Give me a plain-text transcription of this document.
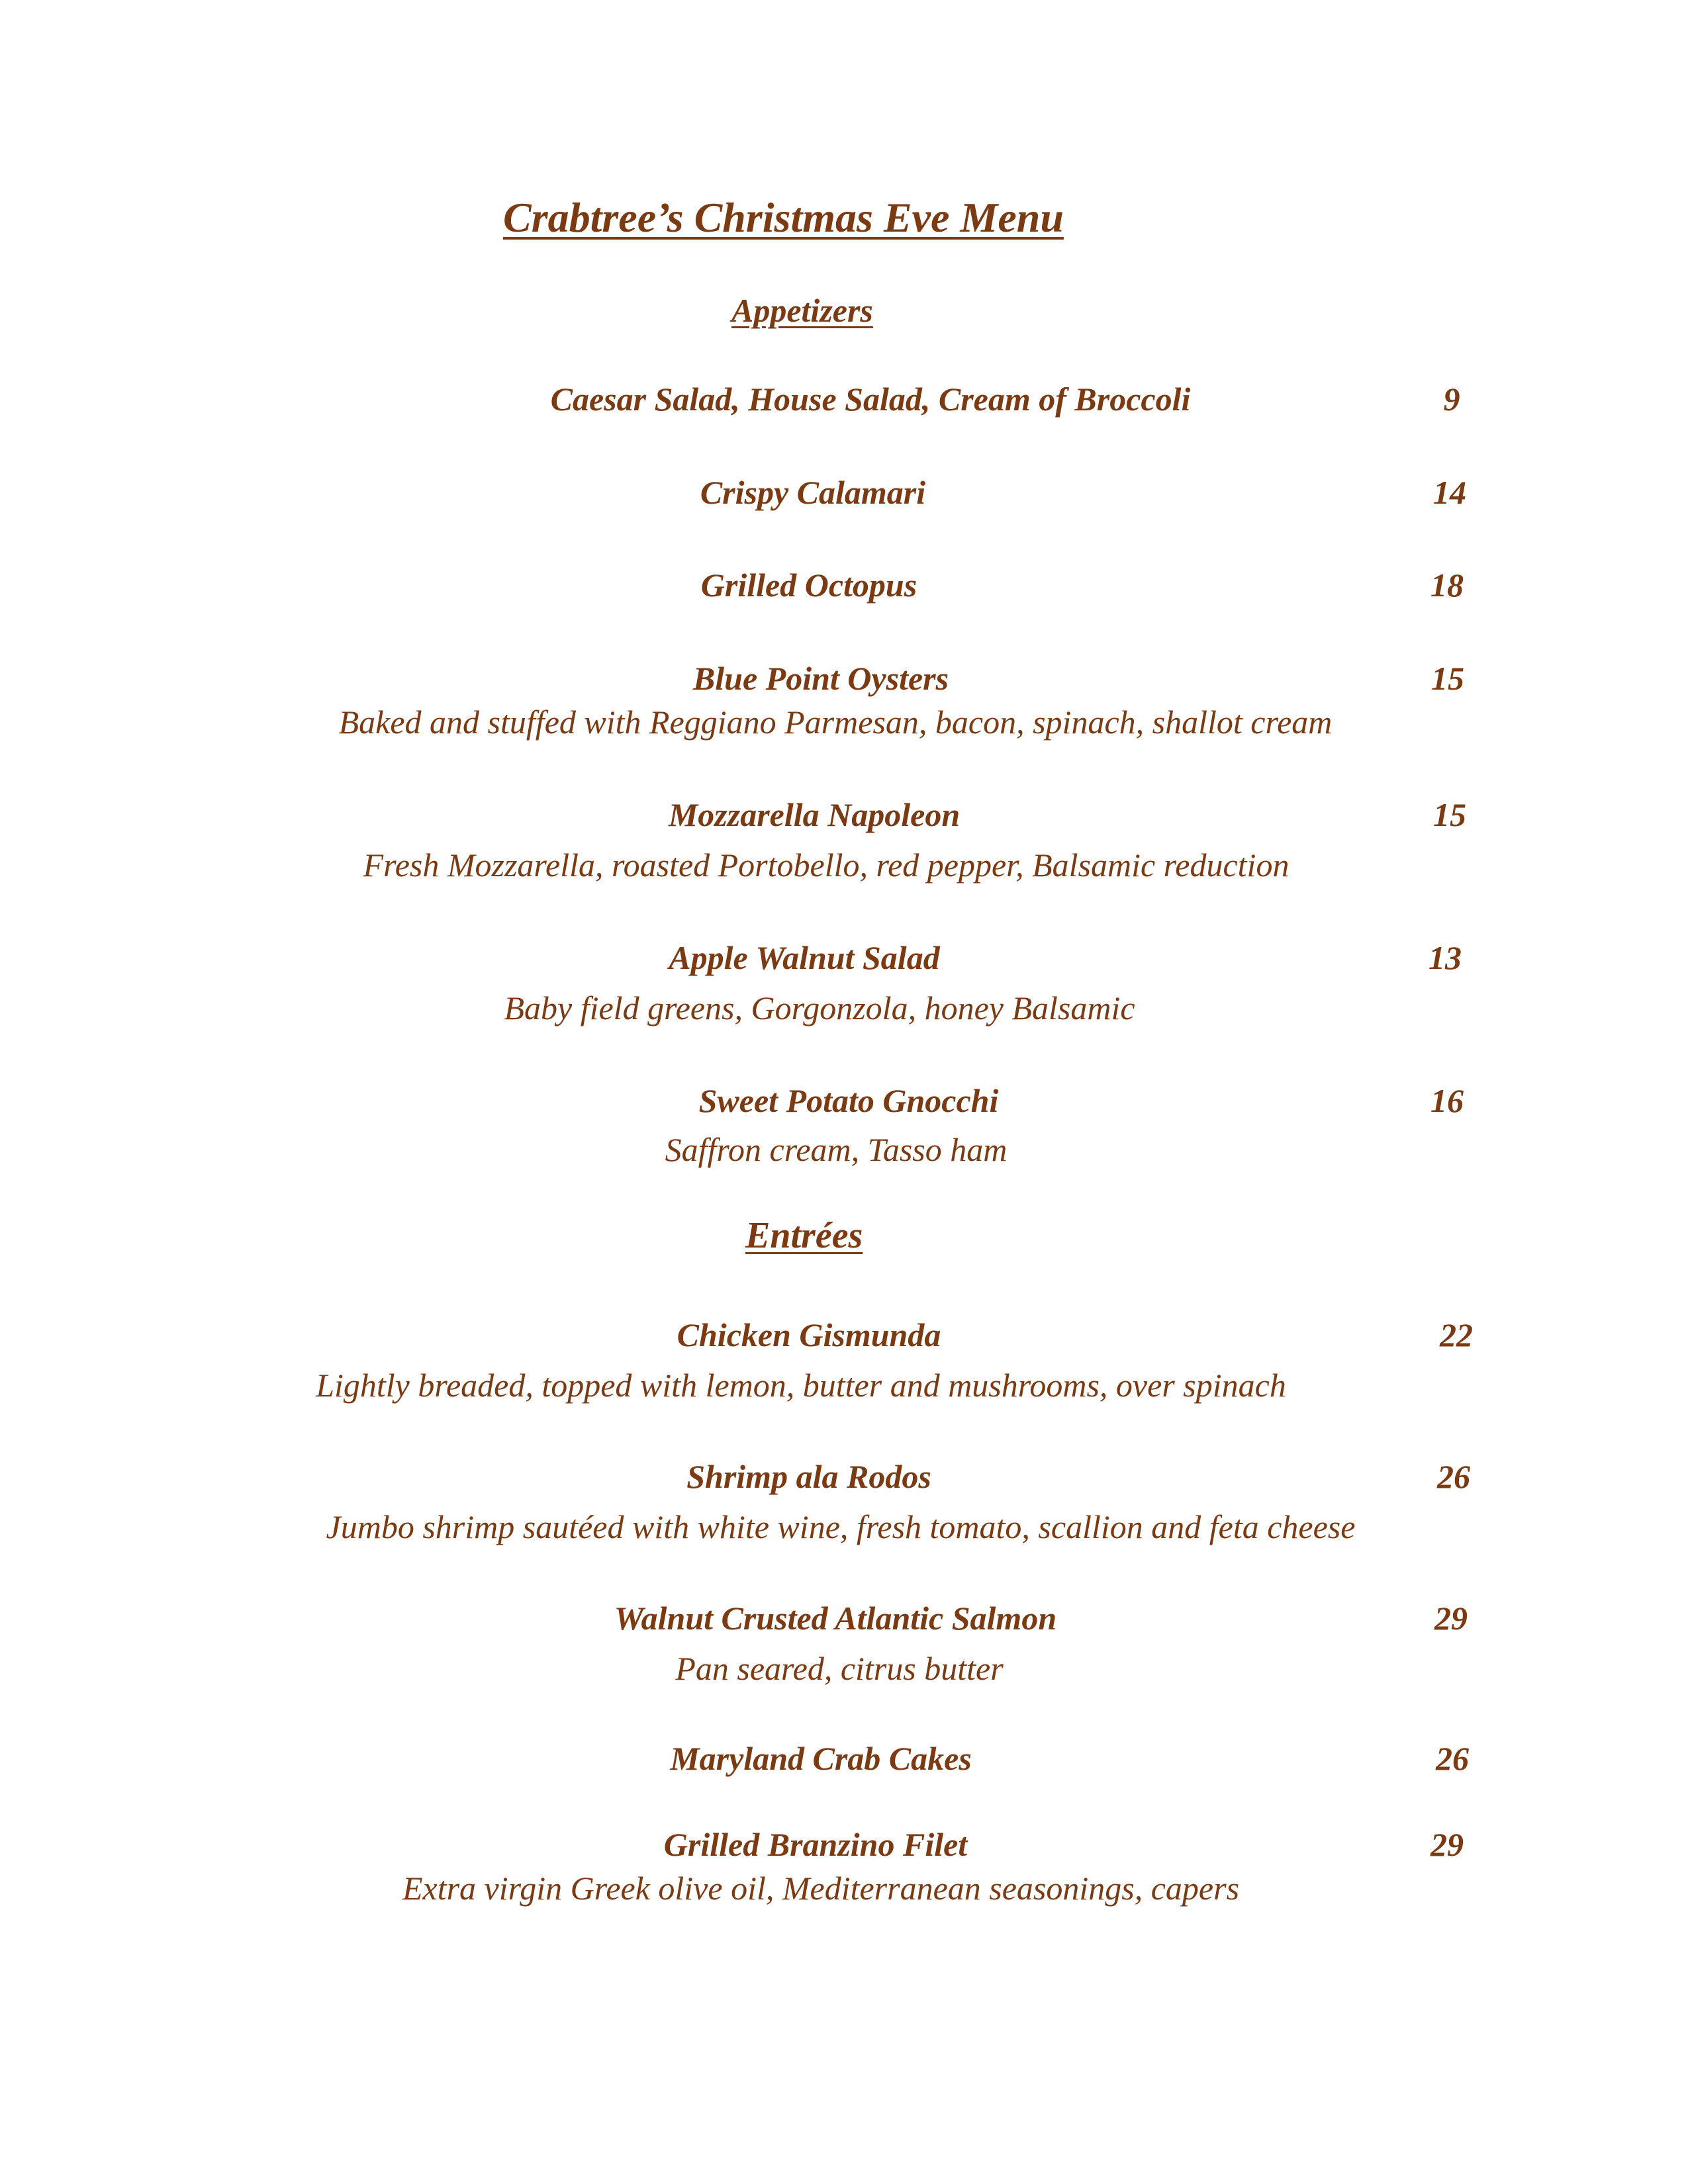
Crabtree’s Christmas Eve Menu
Appetizers
Caesar Salad, House Salad, Cream of Broccoli	9
Crispy Calamari	14
Grilled Octopus	18
Blue Point Oysters	15
Baked and stuffed with Reggiano Parmesan, bacon, spinach, shallot cream
Mozzarella Napoleon	15
Fresh Mozzarella, roasted Portobello, red pepper, Balsamic reduction
Apple Walnut Salad	13
Baby field greens, Gorgonzola, honey Balsamic
Sweet Potato Gnocchi	16
Saffron cream, Tasso ham
Entrées
Chicken Gismunda	22
Lightly breaded, topped with lemon, butter and mushrooms, over spinach
Shrimp ala Rodos	26
Jumbo shrimp sautéed with white wine, fresh tomato, scallion and feta cheese
Walnut Crusted Atlantic Salmon	29
Pan seared, citrus butter
Maryland Crab Cakes	26
Grilled Branzino Filet	29
Extra virgin Greek olive oil, Mediterranean seasonings, capers
